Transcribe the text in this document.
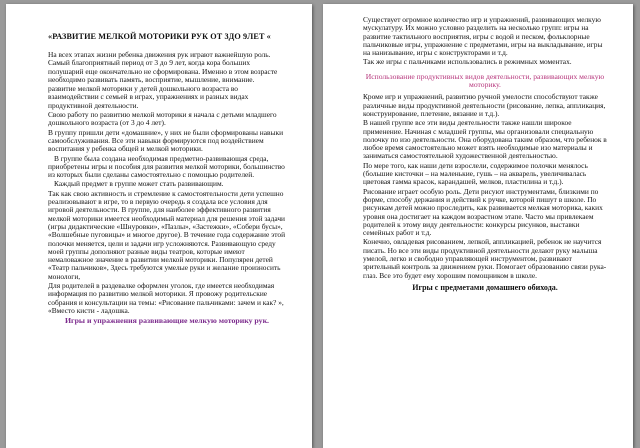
«РАЗВИТИЕ МЕЛКОЙ МОТОРИКИ РУК ОТ 3ДО 9ЛЕТ «

На всех этапах жизни ребенка движения рук играют важнейшую роль. Самый благоприятный период от 3 до 9 лет, когда кора больших полушарий еще окончательно не сформирована. Именно в этом возрасте необходимо развивать память, восприятие, мышление, внимание.

развитие мелкой моторики у детей дошкольного возраста во взаимодействии с семьей в играх, упражнениях и разных видах продуктивной деятельности.

Свою работу по развитию мелкой моторики я начала с детьми младшего дошкольного возраста (от 3 до 4 лет).

В группу пришли дети «домашние», у них не были сформированы навыки самообслуживания. Все эти навыки формируются под воздействием воспитания у ребенка общей и мелкой моторики.

В группе была создана необходимая предметно-развивающая среда, приобретены игры и пособия для развития мелкой моторики, большинство из которых были сделаны самостоятельно с помощью родителей.

Каждый предмет в группе может стать развивающим.

Так как свою активность и стремление к самостоятельности дети успешно реализовывают в игре, то в первую очередь я создала все условия для игровой деятельности. В группе, для наиболее эффективного развития мелкой моторики имеется необходимый материал для решения этой задачи (игры дидактические «Шнуровки», «Пазлы», «Застежки», «Собери бусы», «Волшебные пуговицы» и многое другое). В течение года содержание этой полочки меняется, цели и задачи игр усложняются. Развивающую среду моей группы дополняют разные виды театров, которые имеют немаловажное значение в развитии мелкой моторики. Популярен детей «Театр пальчиков», Здесь требуются умелые руки и желание произносить монологи,

Для родителей в раздевалке оформлен уголок, где имеется необходимая информация по развитию мелкой моторики. Я провожу родительские собрания и консультации на темы: «Рисование пальчиками: зачем и как? », «Вместо кисти - ладошка.

Игры и упражнения развивающие мелкую моторику рук.

Существует огромное количество игр и упражнений, развивающих мелкую мускулатуру. Их можно условно разделить на несколько групп: игры на развитие тактильного восприятия, игры с водой и песком, фольклорные пальчиковые игры, упражнение с предметами, игры на выкладывание, игры на нанизывание, игры с конструкторами и т.д.

Так же игры с пальчиками использовались в режимных моментах.

Использование продуктивных видов деятельности, развивающих мелкую моторику.

Кроме игр и упражнений, развитию ручной умелости способствуют также различные виды продуктивной деятельности (рисование, лепка, аппликация, конструирование, плетение, вязание и т.д.).

В нашей группе все эти виды деятельности также нашли широкое применение. Начиная с младшей группы, мы организовали специальную полочку по изо деятельности. Она оборудована таким образом, что ребенок в любое время самостоятельно может взять необходимые изо материалы и заниматься самостоятельной художественной деятельностью.

По мере того, как наши дети взрослели, содержимое полочки менялось (большие кисточки – на маленькие, гушь – на акварель, увеличивалась цветовая гамма красок, карандашей, мелков, пластилина и т.д.).

Рисование играет особую роль. Дети рисуют инструментами, близкими по форме, способу держания и действий к ручке, которой пишут в школе. По рисункам детей можно проследить, как развивается мелкая моторика, каких уровня она достигает на каждом возрастном этапе. Часто мы привлекаем родителей к этому виду деятельности: конкурсы рисунков, выставки семейных работ и т.д.

Конечно, овладевая рисованием, лепкой, аппликацией, ребенок не научится писать. Но все эти виды продуктивной деятельности делают руку малыша умелой, легко и свободно управляющей инструментом, развивают зрительный контроль за движением руки. Помогает образованию связи рука-глаз. Все это будет ему хорошим помощником в школе.

Игры с предметами домашнего обихода.
